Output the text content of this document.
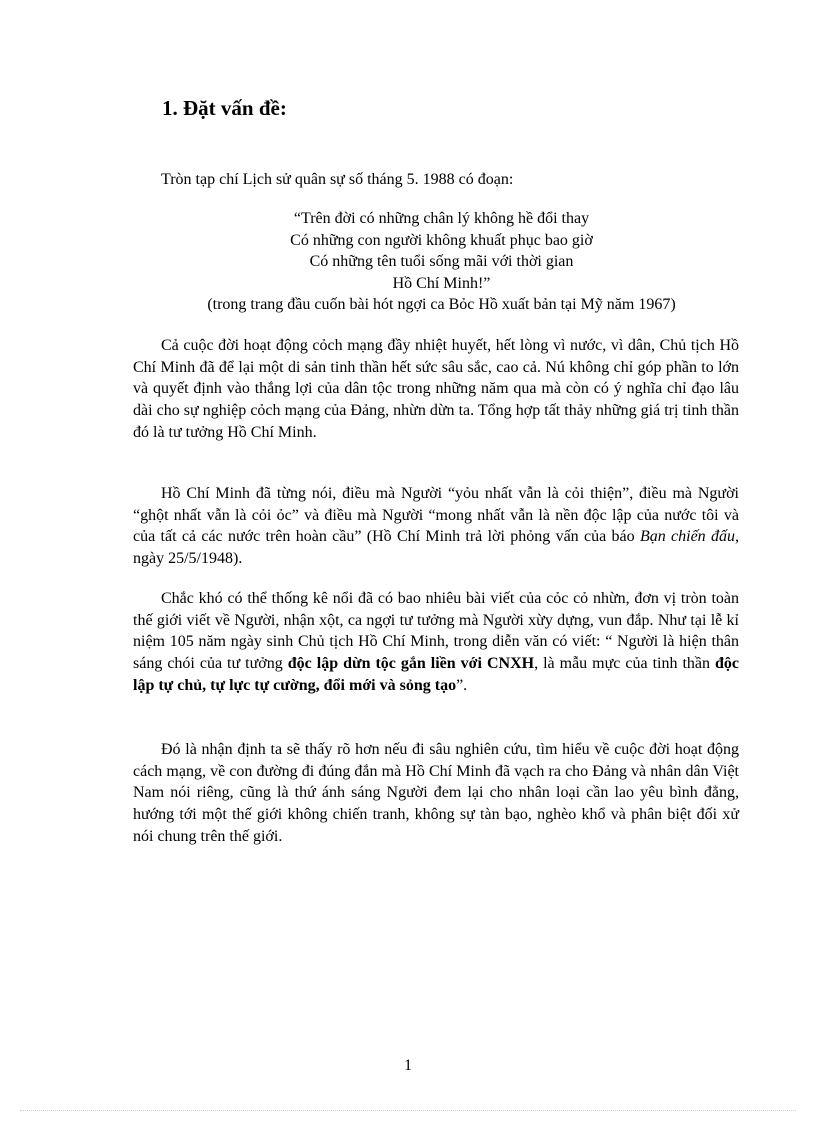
1. Đặt vấn đề:

Tròn tạp chí Lịch sử quân sự số tháng 5. 1988 có đoạn:

“Trên đời có những chân lý không hề đổi thay
Có những con người không khuất phục bao giờ
Có những tên tuổi sống mãi với thời gian
Hồ Chí Minh!”
(trong trang đầu cuốn bài hót ngợi ca Bỏc Hồ xuất bản tại Mỹ năm 1967)

Cả cuộc đời hoạt động cỏch mạng đầy nhiệt huyết, hết lòng vì nước, vì dân, Chủ tịch Hồ Chí Minh đã để lại một di sản tinh thần hết sức sâu sắc, cao cả. Nú không chỉ góp phần to lớn và quyết định vào thắng lợi của dân tộc trong những năm qua mà còn có ý nghĩa chỉ đạo lâu dài cho sự nghiệp cỏch mạng của Đảng, nhừn dừn ta. Tổng hợp tất thảy những giá trị tinh thần đó là tư tưởng Hồ Chí Minh.

Hồ Chí Minh đã từng nói, điều mà Người “yỏu nhất vẫn là cỏi thiện”, điều mà Người “ghột nhất vẫn là cỏi ỏc” và điều mà Người “mong nhất vẫn là nền độc lập của nước tôi và của tất cả các nước trên hoàn cầu” (Hồ Chí Minh trả lời phỏng vấn của báo Bạn chiến đấu, ngày 25/5/1948).

Chắc khó có thể thống kê nổi đã có bao nhiêu bài viết của cỏc cỏ nhừn, đơn vị tròn toàn thế giới viết về Người, nhận xột, ca ngợi tư tưởng mà Người xừy dựng, vun đắp. Như tại lễ kỉ niệm 105 năm ngày sinh Chủ tịch Hồ Chí Minh, trong diễn văn có viết: “ Người là hiện thân sáng chói của tư tưởng độc lập dừn tộc gắn liền với CNXH, là mẫu mực của tinh thần độc lập tự chủ, tự lực tự cường, đổi mới và sỏng tạo”.

Đó là nhận định ta sẽ thấy rõ hơn nếu đi sâu nghiên cứu, tìm hiểu về cuộc đời hoạt động cách mạng, về con đường đi đúng đắn mà Hồ Chí Minh đã vạch ra cho Đảng và nhân dân Việt Nam nói riêng, cũng là thứ ánh sáng Người đem lại cho nhân loại cần lao yêu bình đẳng, hướng tới một thế giới không chiến tranh, không sự tàn bạo, nghèo khổ và phân biệt đối xử nói chung trên thế giới.

1
